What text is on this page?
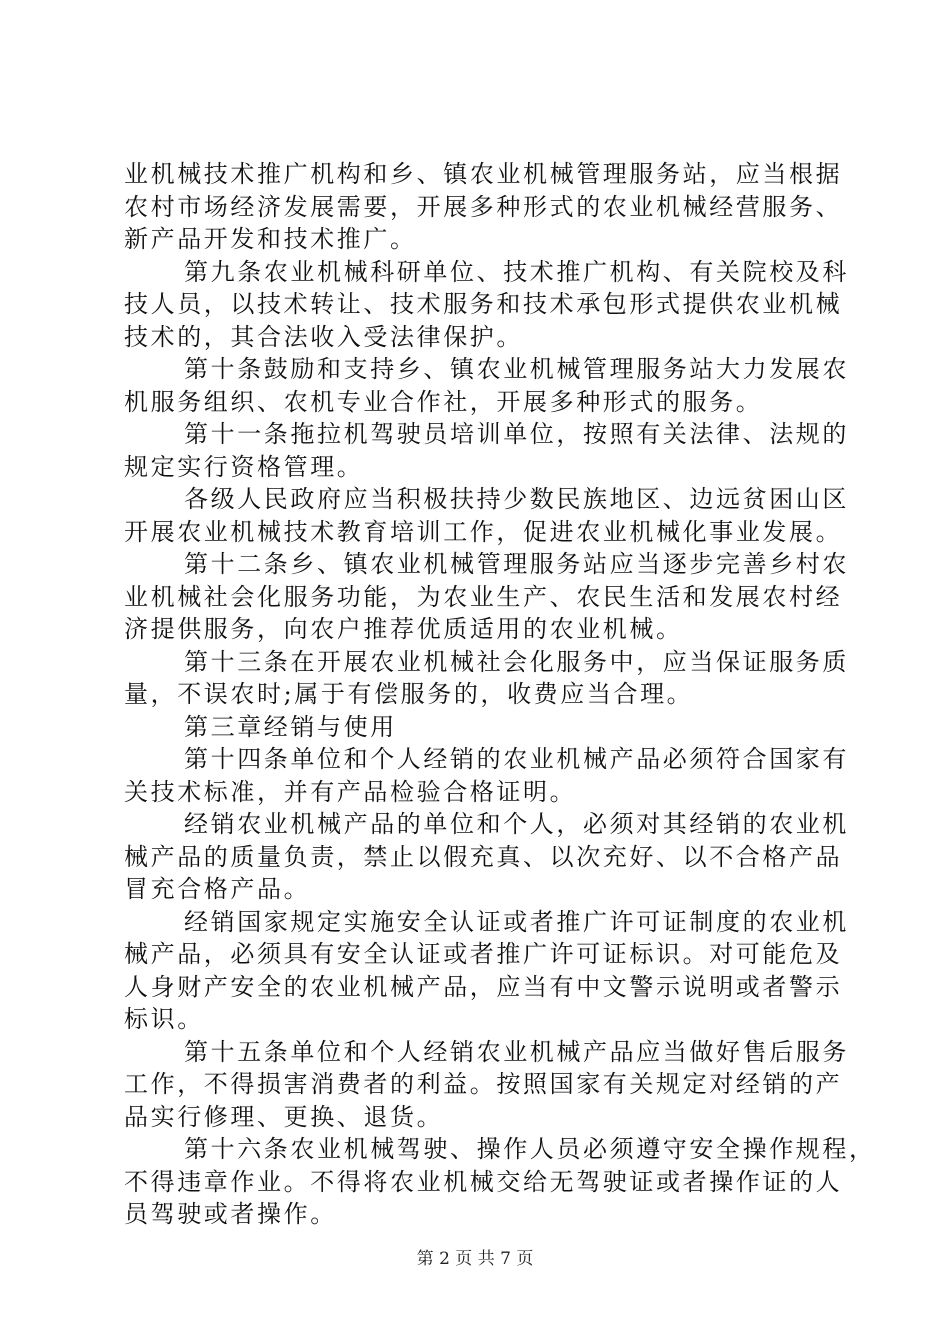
业机械技术推广机构和乡、镇农业机械管理服务站，应当根据
农村市场经济发展需要，开展多种形式的农业机械经营服务、
新产品开发和技术推广。
第九条农业机械科研单位、技术推广机构、有关院校及科
技人员，以技术转让、技术服务和技术承包形式提供农业机械
技术的，其合法收入受法律保护。
第十条鼓励和支持乡、镇农业机械管理服务站大力发展农
机服务组织、农机专业合作社，开展多种形式的服务。
第十一条拖拉机驾驶员培训单位，按照有关法律、法规的
规定实行资格管理。
各级人民政府应当积极扶持少数民族地区、边远贫困山区
开展农业机械技术教育培训工作，促进农业机械化事业发展。
第十二条乡、镇农业机械管理服务站应当逐步完善乡村农
业机械社会化服务功能，为农业生产、农民生活和发展农村经
济提供服务，向农户推荐优质适用的农业机械。
第十三条在开展农业机械社会化服务中，应当保证服务质
量，不误农时;属于有偿服务的，收费应当合理。
第三章经销与使用
第十四条单位和个人经销的农业机械产品必须符合国家有
关技术标准，并有产品检验合格证明。
经销农业机械产品的单位和个人，必须对其经销的农业机
械产品的质量负责，禁止以假充真、以次充好、以不合格产品
冒充合格产品。
经销国家规定实施安全认证或者推广许可证制度的农业机
械产品，必须具有安全认证或者推广许可证标识。对可能危及
人身财产安全的农业机械产品，应当有中文警示说明或者警示
标识。
第十五条单位和个人经销农业机械产品应当做好售后服务
工作，不得损害消费者的利益。按照国家有关规定对经销的产
品实行修理、更换、退货。
第十六条农业机械驾驶、操作人员必须遵守安全操作规程，
不得违章作业。不得将农业机械交给无驾驶证或者操作证的人
员驾驶或者操作。
第 2 页 共 7 页
